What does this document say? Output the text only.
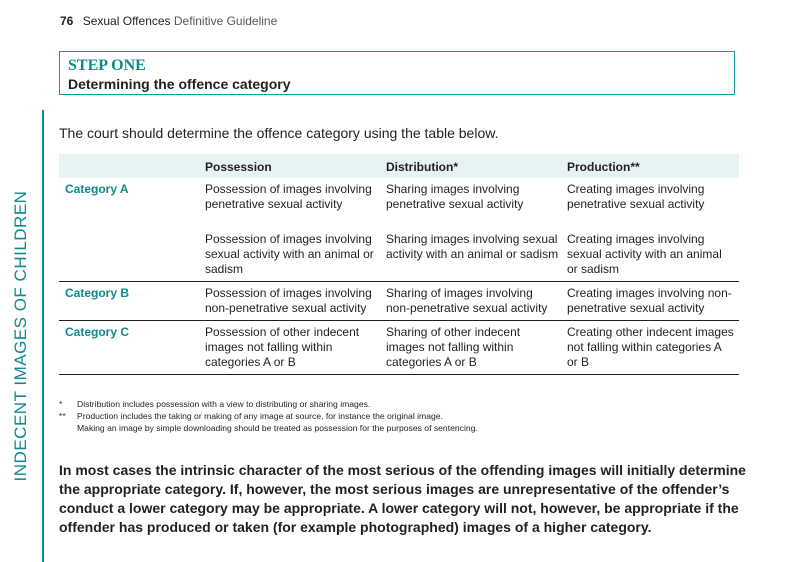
INDECENT IMAGES OF CHILDREN
76 Sexual Offences Definitive Guideline
STEP ONE
Determining the offence category
The court should determine the offence category using the table below.
	Possession	Distribution*	Production**
Category A	Possession of images involving penetrative sexual activity	Sharing images involving penetrative sexual activity	Creating images involving penetrative sexual activity
	Possession of images involving sexual activity with an animal or sadism	Sharing images involving sexual activity with an animal or sadism	Creating images involving sexual activity with an animal or sadism
Category B	Possession of images involving non-penetrative sexual activity	Sharing of images involving non-penetrative sexual activity	Creating images involving non-penetrative sexual activity
Category C	Possession of other indecent images not falling within categories A or B	Sharing of other indecent images not falling within categories A or B	Creating other indecent images not falling within categories A or B
*	Distribution includes possession with a view to distributing or sharing images.
**	Production includes the taking or making of any image at source, for instance the original image.
Making an image by simple downloading should be treated as possession for the purposes of sentencing.
In most cases the intrinsic character of the most serious of the offending images will initially determine the appropriate category. If, however, the most serious images are unrepresentative of the offender’s conduct a lower category may be appropriate. A lower category will not, however, be appropriate if the offender has produced or taken (for example photographed) images of a higher category.
